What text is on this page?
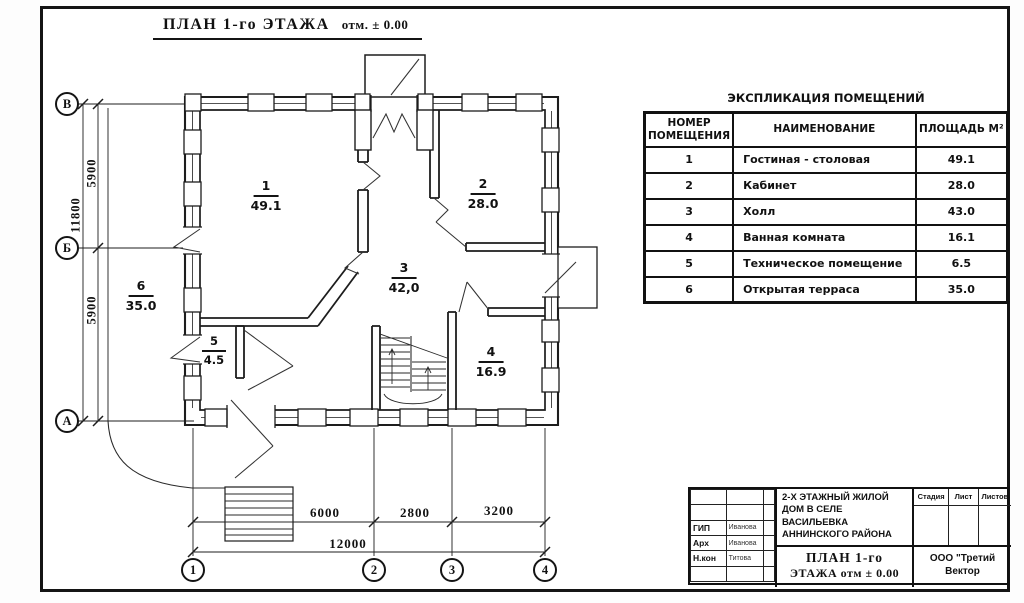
ПЛАН 1-го ЭТАЖА отм. ± 0.00
1
49.1
2
28.0
3
42,0
4
16.9
5
4.5
6
35.0
5900
5900
11800
6000	2800	3200
12000
В
Б
А
1	2	3	4
ЭКСПЛИКАЦИЯ ПОМЕЩЕНИЙ
НОМЕР ПОМЕЩЕНИЯ	НАИМЕНОВАНИЕ	ПЛОЩАДЬ М²
1	Гостиная - столовая	49.1
2	Кабинет	28.0
3	Холл	43.0
4	Ванная комната	16.1
5	Техническое помещение	6.5
6	Открытая терраса	35.0

ГИП	Иванова	
Арх	Иванова	
Н.кон	Титова	

2-Х ЭТАЖНЫЙ ЖИЛОЙ ДОМ В СЕЛЕ ВАСИЛЬЕВКА АННИНСКОГО РАЙОНА
ПЛАН 1-го
ЭТАЖА отм ± 0.00
Стадия	Лист	Листов
ООО "Третий Вектор
